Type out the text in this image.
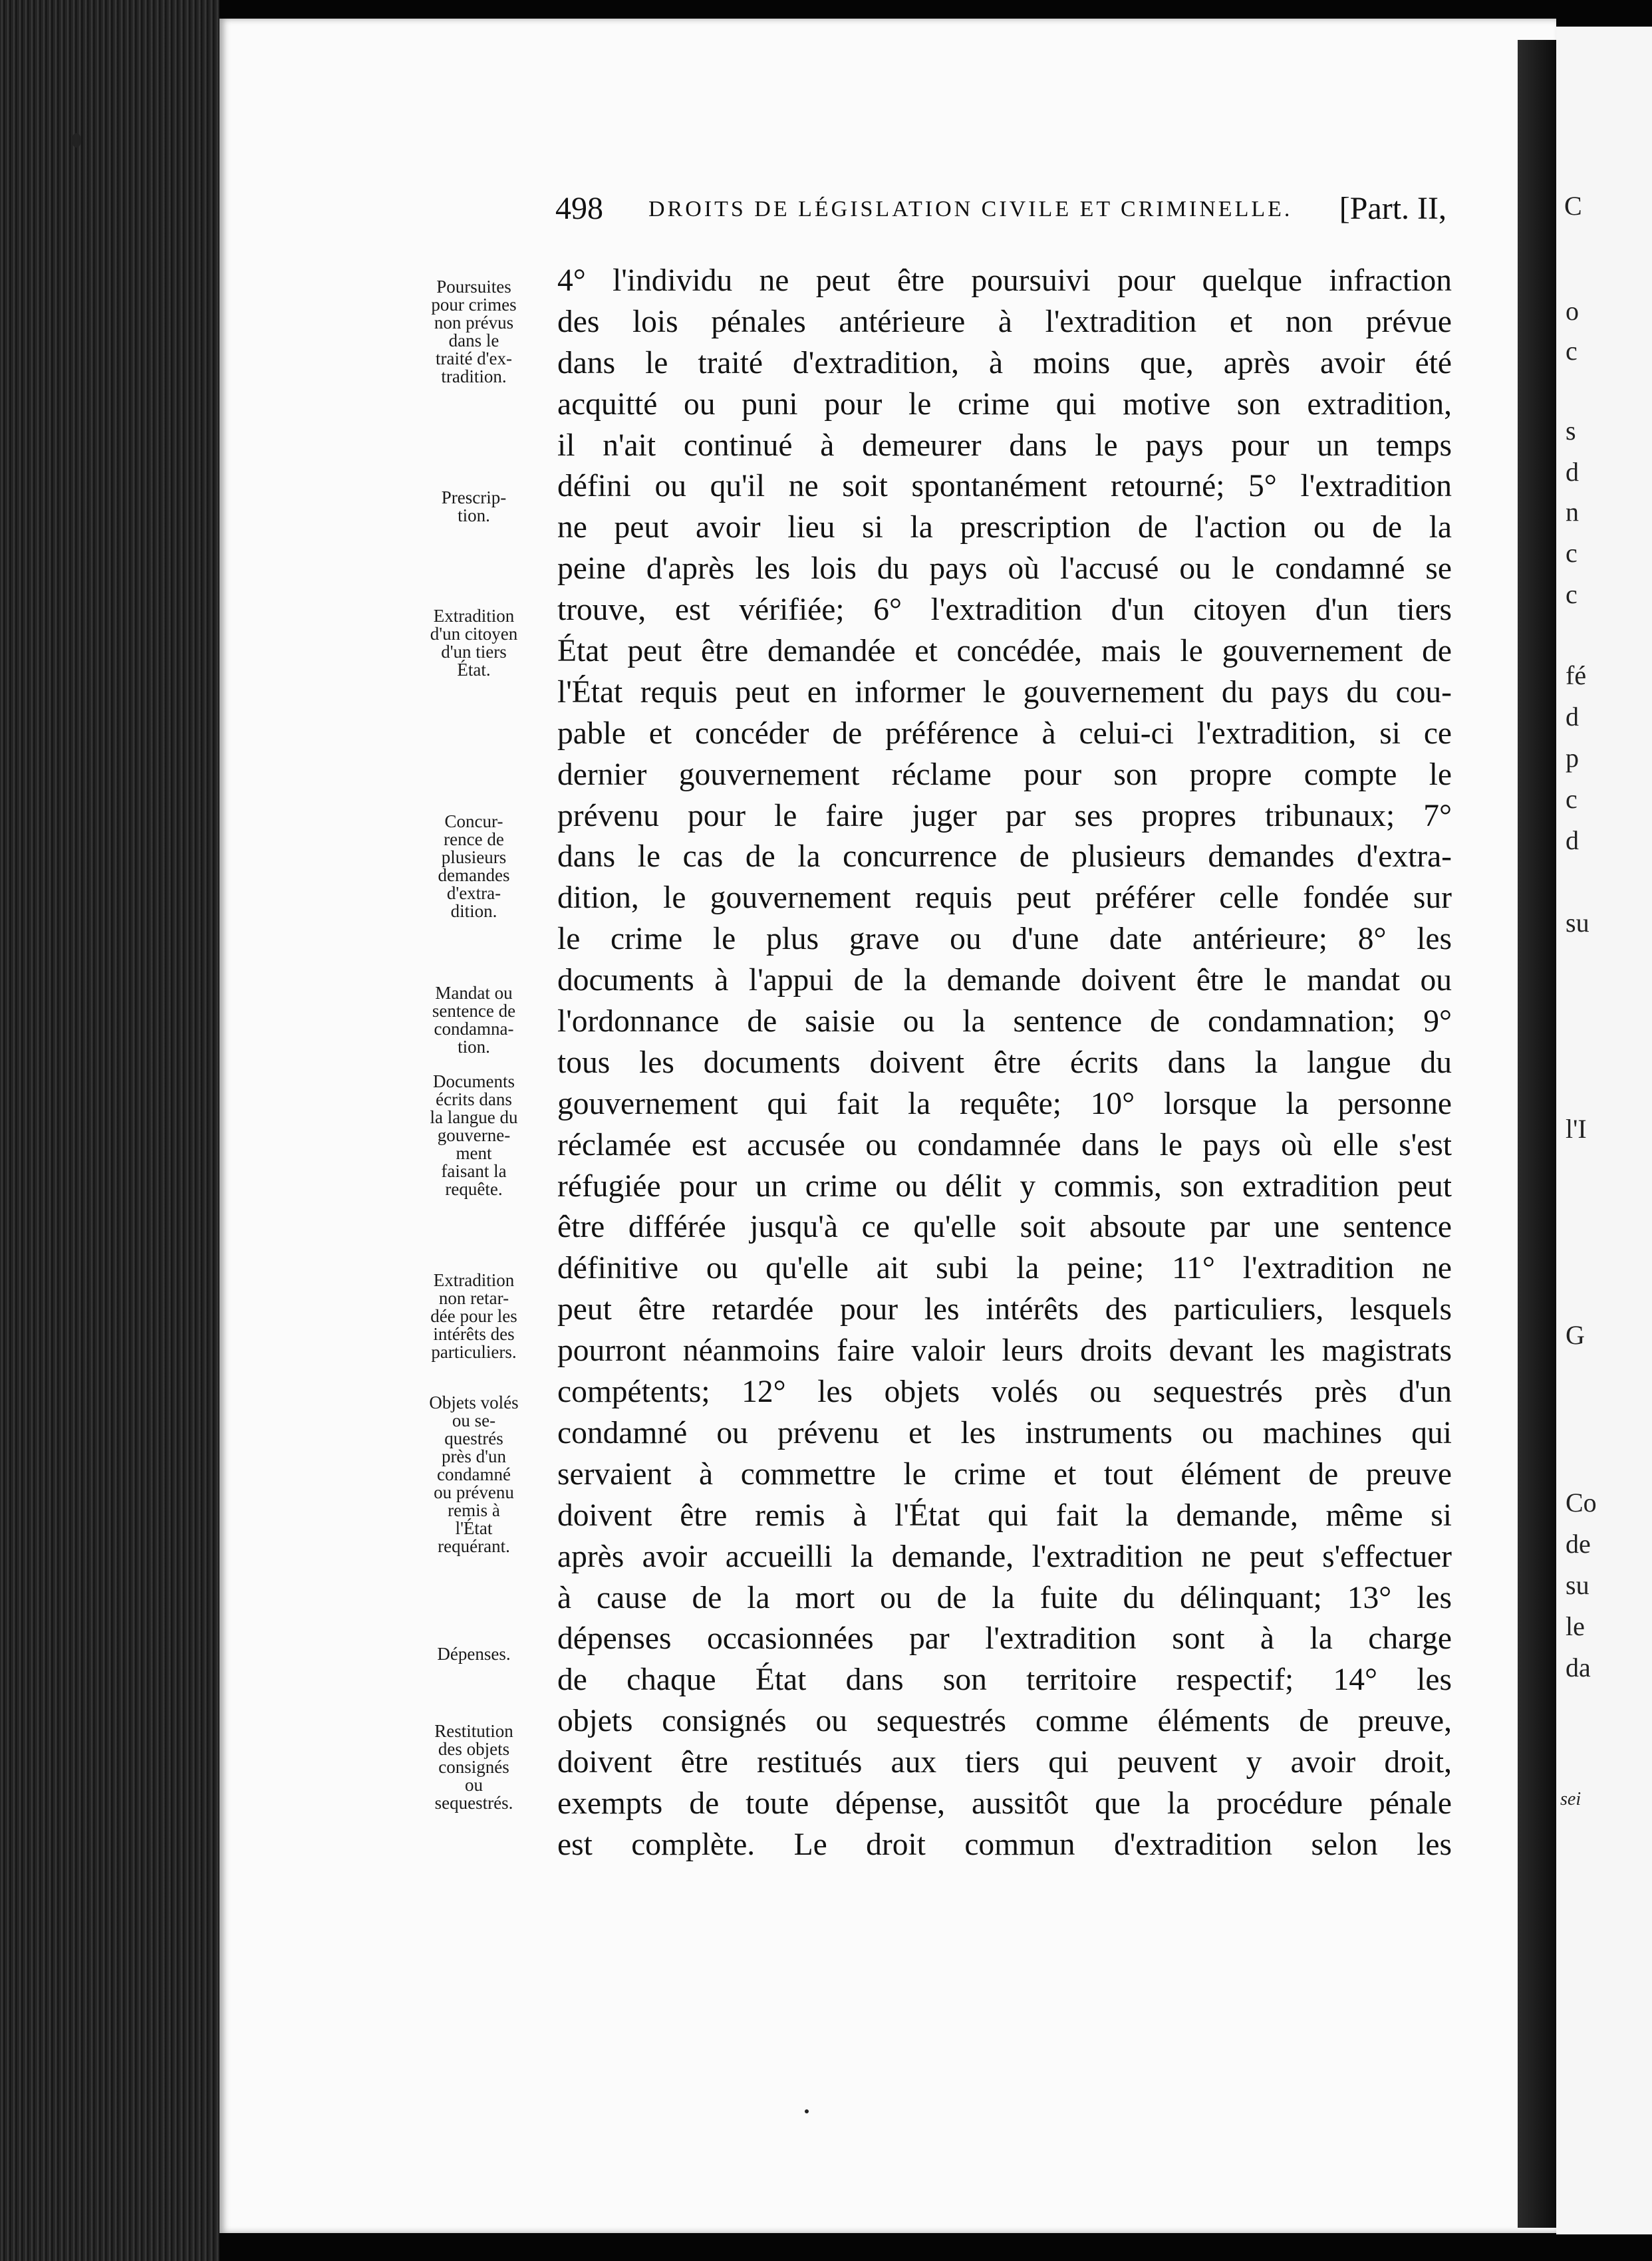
C
o
c
s
d
n
c
c
fé
d
p
c
d
su
l'I
G
Co
de
su
le
da
sei
498 DROITS DE LÉGISLATION CIVILE ET CRIMINELLE. [Part. II,
4° l'individu ne peut être poursuivi pour quelque infraction
des lois pénales antérieure à l'extradition et non prévue
dans le traité d'extradition, à moins que, après avoir été
acquitté ou puni pour le crime qui motive son extradition,
il n'ait continué à demeurer dans le pays pour un temps
défini ou qu'il ne soit spontanément retourné; 5° l'extradition
ne peut avoir lieu si la prescription de l'action ou de la
peine d'après les lois du pays où l'accusé ou le condamné se
trouve, est vérifiée; 6° l'extradition d'un citoyen d'un tiers
État peut être demandée et concédée, mais le gouvernement de
l'État requis peut en informer le gouvernement du pays du cou-
pable et concéder de préférence à celui-ci l'extradition, si ce
dernier gouvernement réclame pour son propre compte le
prévenu pour le faire juger par ses propres tribunaux; 7°
dans le cas de la concurrence de plusieurs demandes d'extra-
dition, le gouvernement requis peut préférer celle fondée sur
le crime le plus grave ou d'une date antérieure; 8° les
documents à l'appui de la demande doivent être le mandat ou
l'ordonnance de saisie ou la sentence de condamnation; 9°
tous les documents doivent être écrits dans la langue du
gouvernement qui fait la requête; 10° lorsque la personne
réclamée est accusée ou condamnée dans le pays où elle s'est
réfugiée pour un crime ou délit y commis, son extradition peut
être différée jusqu'à ce qu'elle soit absoute par une sentence
définitive ou qu'elle ait subi la peine; 11° l'extradition ne
peut être retardée pour les intérêts des particuliers, lesquels
pourront néanmoins faire valoir leurs droits devant les magistrats
compétents; 12° les objets volés ou sequestrés près d'un
condamné ou prévenu et les instruments ou machines qui
servaient à commettre le crime et tout élément de preuve
doivent être remis à l'État qui fait la demande, même si
après avoir accueilli la demande, l'extradition ne peut s'effectuer
à cause de la mort ou de la fuite du délinquant; 13° les
dépenses occasionnées par l'extradition sont à la charge
de chaque État dans son territoire respectif; 14° les
objets consignés ou sequestrés comme éléments de preuve,
doivent être restitués aux tiers qui peuvent y avoir droit,
exempts de toute dépense, aussitôt que la procédure pénale
est complète. Le droit commun d'extradition selon les
Poursuites
pour crimes
non prévus
dans le
traité d'ex-
tradition.
Prescrip-
tion.
Extradition
d'un citoyen
d'un tiers
État.
Concur-
rence de
plusieurs
demandes
d'extra-
dition.
Mandat ou
sentence de
condamna-
tion.
Documents
écrits dans
la langue du
gouverne-
ment
faisant la
requête.
Extradition
non retar-
dée pour les
intérêts des
particuliers.
Objets volés
ou se-
questrés
près d'un
condamné
ou prévenu
remis à
l'État
requérant.
Dépenses.
Restitution
des objets
consignés
ou
sequestrés.
